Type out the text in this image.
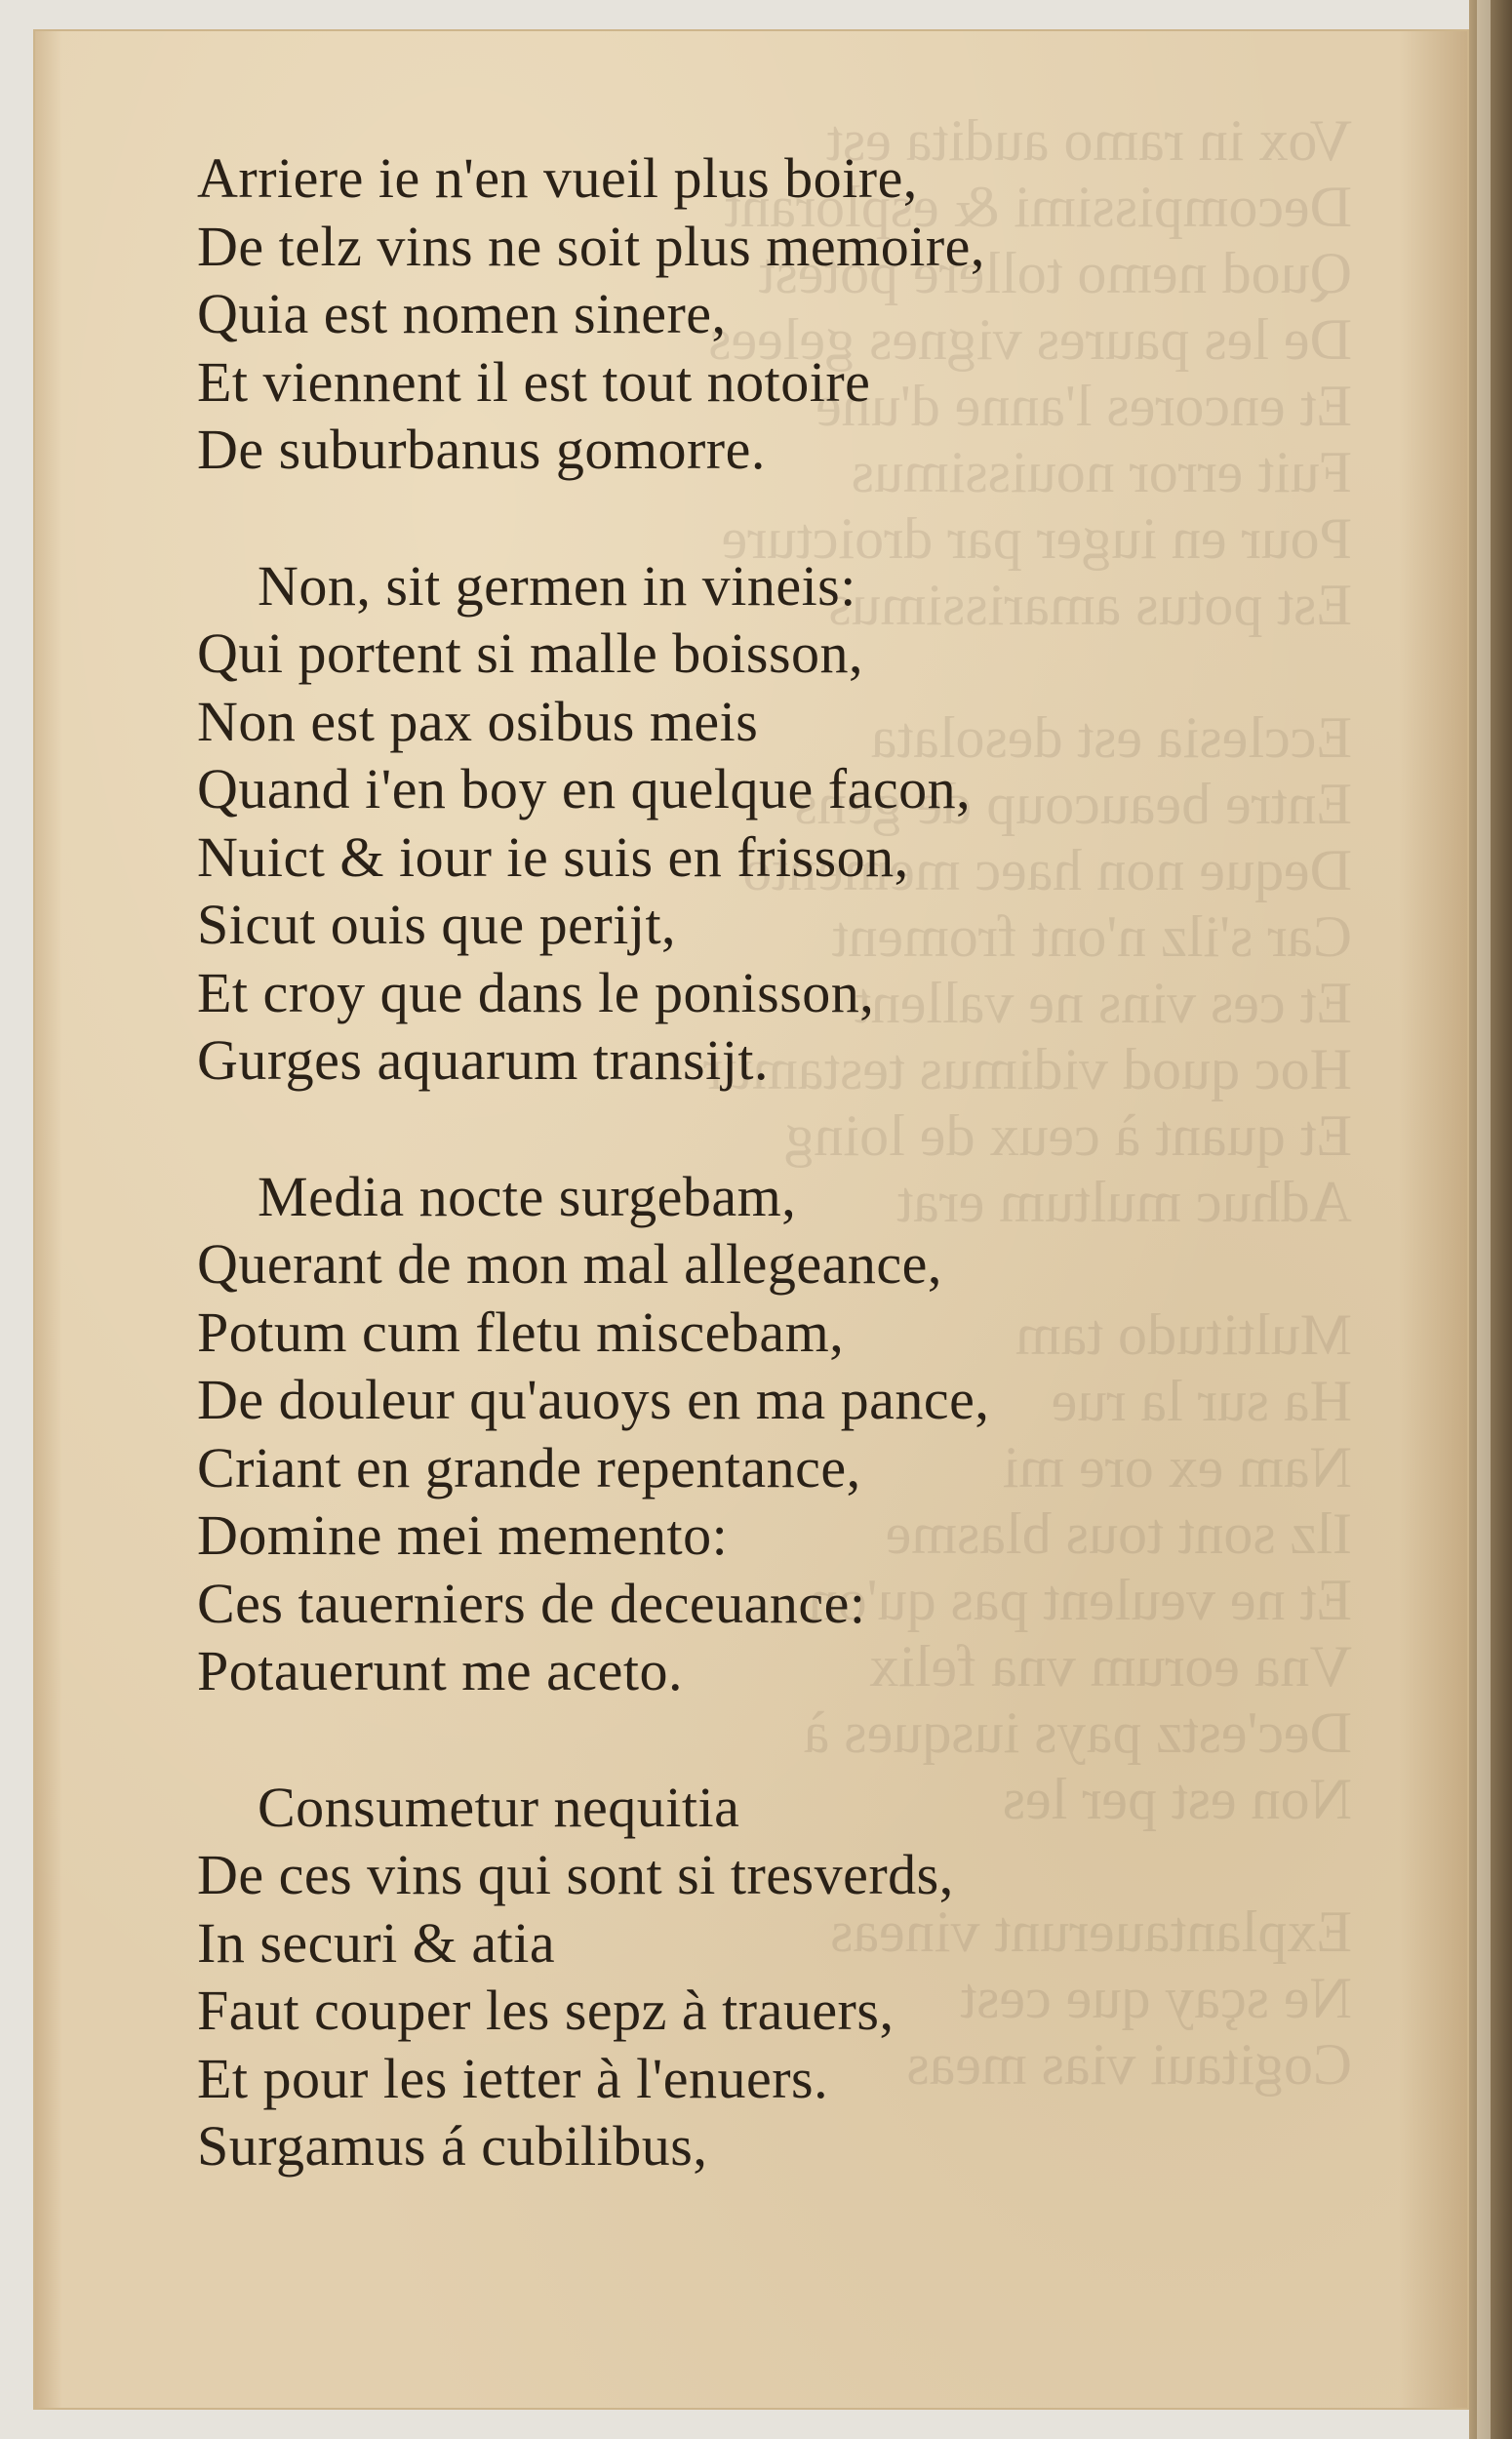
Vox in ramo audita est
Decompissimi & esplorant
Quod nemo tollere potest
De les paures vignes gelees
Et encores l'anne d'une
Fuit error nouissimus
Pour en iuger par droicture
Est potus amarissimus

Ecclesia est desolata
Entre beaucoup de gens
Deque non haec memento
Car s'ilz n'ont froment
Et ces vins ne vallent
Hoc quod vidimus testamur
Et quant à ceux de loing
Adhuc multum erat

Multitudo tam
Ha sur la rue
Nam ex ore mi
Ilz sont tous blasme
Et ne veulent pas qu'on
Vna eorum vna felix
Dec'estz pays iusques à
Non est per les

Explantauerunt vineas
Ne sçay que cest
Cogitaui vias meas
Arriere ie n'en vueil plus boire,
De telz vins ne soit plus memoire,
Quia est nomen sinere,
Et viennent il est tout notoire
De suburbanus gomorre.
Non, sit germen in vineis:
Qui portent si malle boisson,
Non est pax osibus meis
Quand i'en boy en quelque facon,
Nuict & iour ie suis en frisson,
Sicut ouis que perijt,
Et croy que dans le ponisson,
Gurges aquarum transijt.
Media nocte surgebam,
Querant de mon mal allegeance,
Potum cum fletu miscebam,
De douleur qu'auoys en ma pance,
Criant en grande repentance,
Domine mei memento:
Ces tauerniers de deceuance:
Potauerunt me aceto.
Consumetur nequitia
De ces vins qui sont si tresverds,
In securi & atia
Faut couper les sepz à trauers,
Et pour les ietter à l'enuers.
Surgamus á cubilibus,
